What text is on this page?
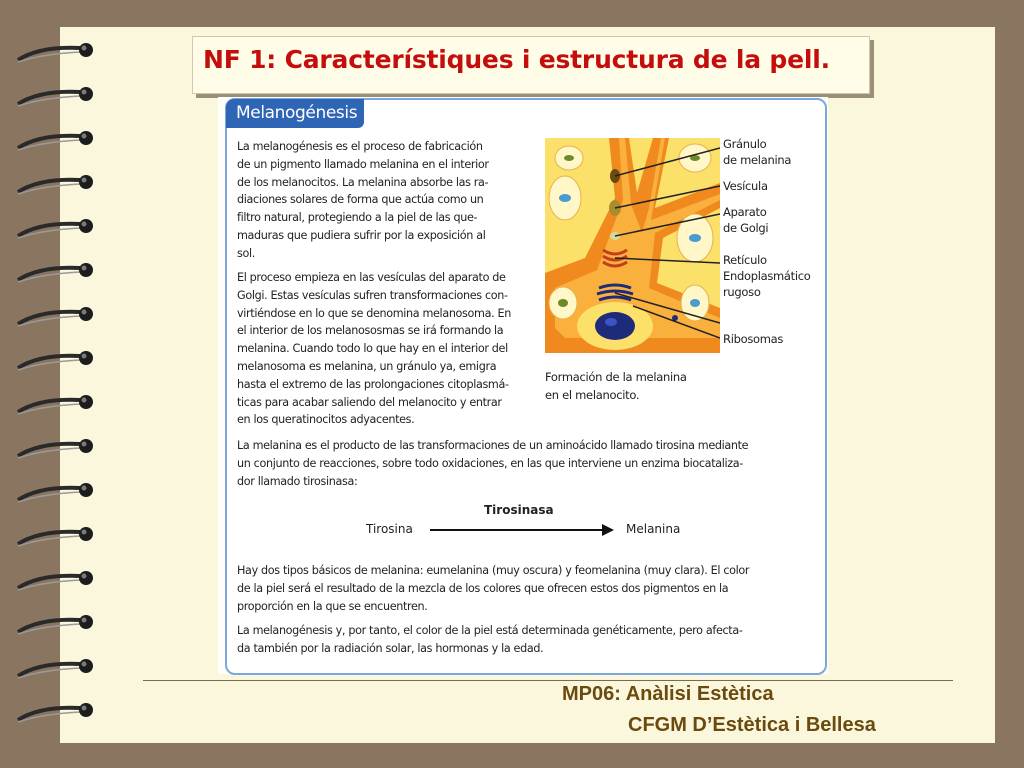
NF 1: Característiques i estructura de la pell.
Melanogénesis
La melanogénesis es el proceso de fabricación
de un pigmento llamado melanina en el interior
de los melanocitos. La melanina absorbe las ra-
diaciones solares de forma que actúa como un
filtro natural, protegiendo a la piel de las que-
maduras que pudiera sufrir por la exposición al
sol.
El proceso empieza en las vesículas del aparato de
Golgi. Estas vesículas sufren transformaciones con-
virtiéndose en lo que se denomina melanosoma. En
el interior de los melanososmas se irá formando la
melanina. Cuando todo lo que hay en el interior del
melanosoma es melanina, un gránulo ya, emigra
hasta el extremo de las prolongaciones citoplasmá-
ticas para acabar saliendo del melanocito y entrar
en los queratinocitos adyacentes.
Gránulo
de melanina
Vesícula
Aparato
de Golgi
Retículo
Endoplasmático
rugoso
Ribosomas
Formación de la melanina
en el melanocito.
La melanina es el producto de las transformaciones de un aminoácido llamado tirosina mediante
un conjunto de reacciones, sobre todo oxidaciones, en las que interviene un enzima biocataliza-
dor llamado tirosinasa:
Tirosinasa
Tirosina	Melanina
Hay dos tipos básicos de melanina: eumelanina (muy oscura) y feomelanina (muy clara). El color
de la piel será el resultado de la mezcla de los colores que ofrecen estos dos pigmentos en la
proporción en la que se encuentren.
La melanogénesis y, por tanto, el color de la piel está determinada genéticamente, pero afecta-
da también por la radiación solar, las hormonas y la edad.
MP06: Anàlisi Estètica
CFGM D’Estètica i Bellesa
